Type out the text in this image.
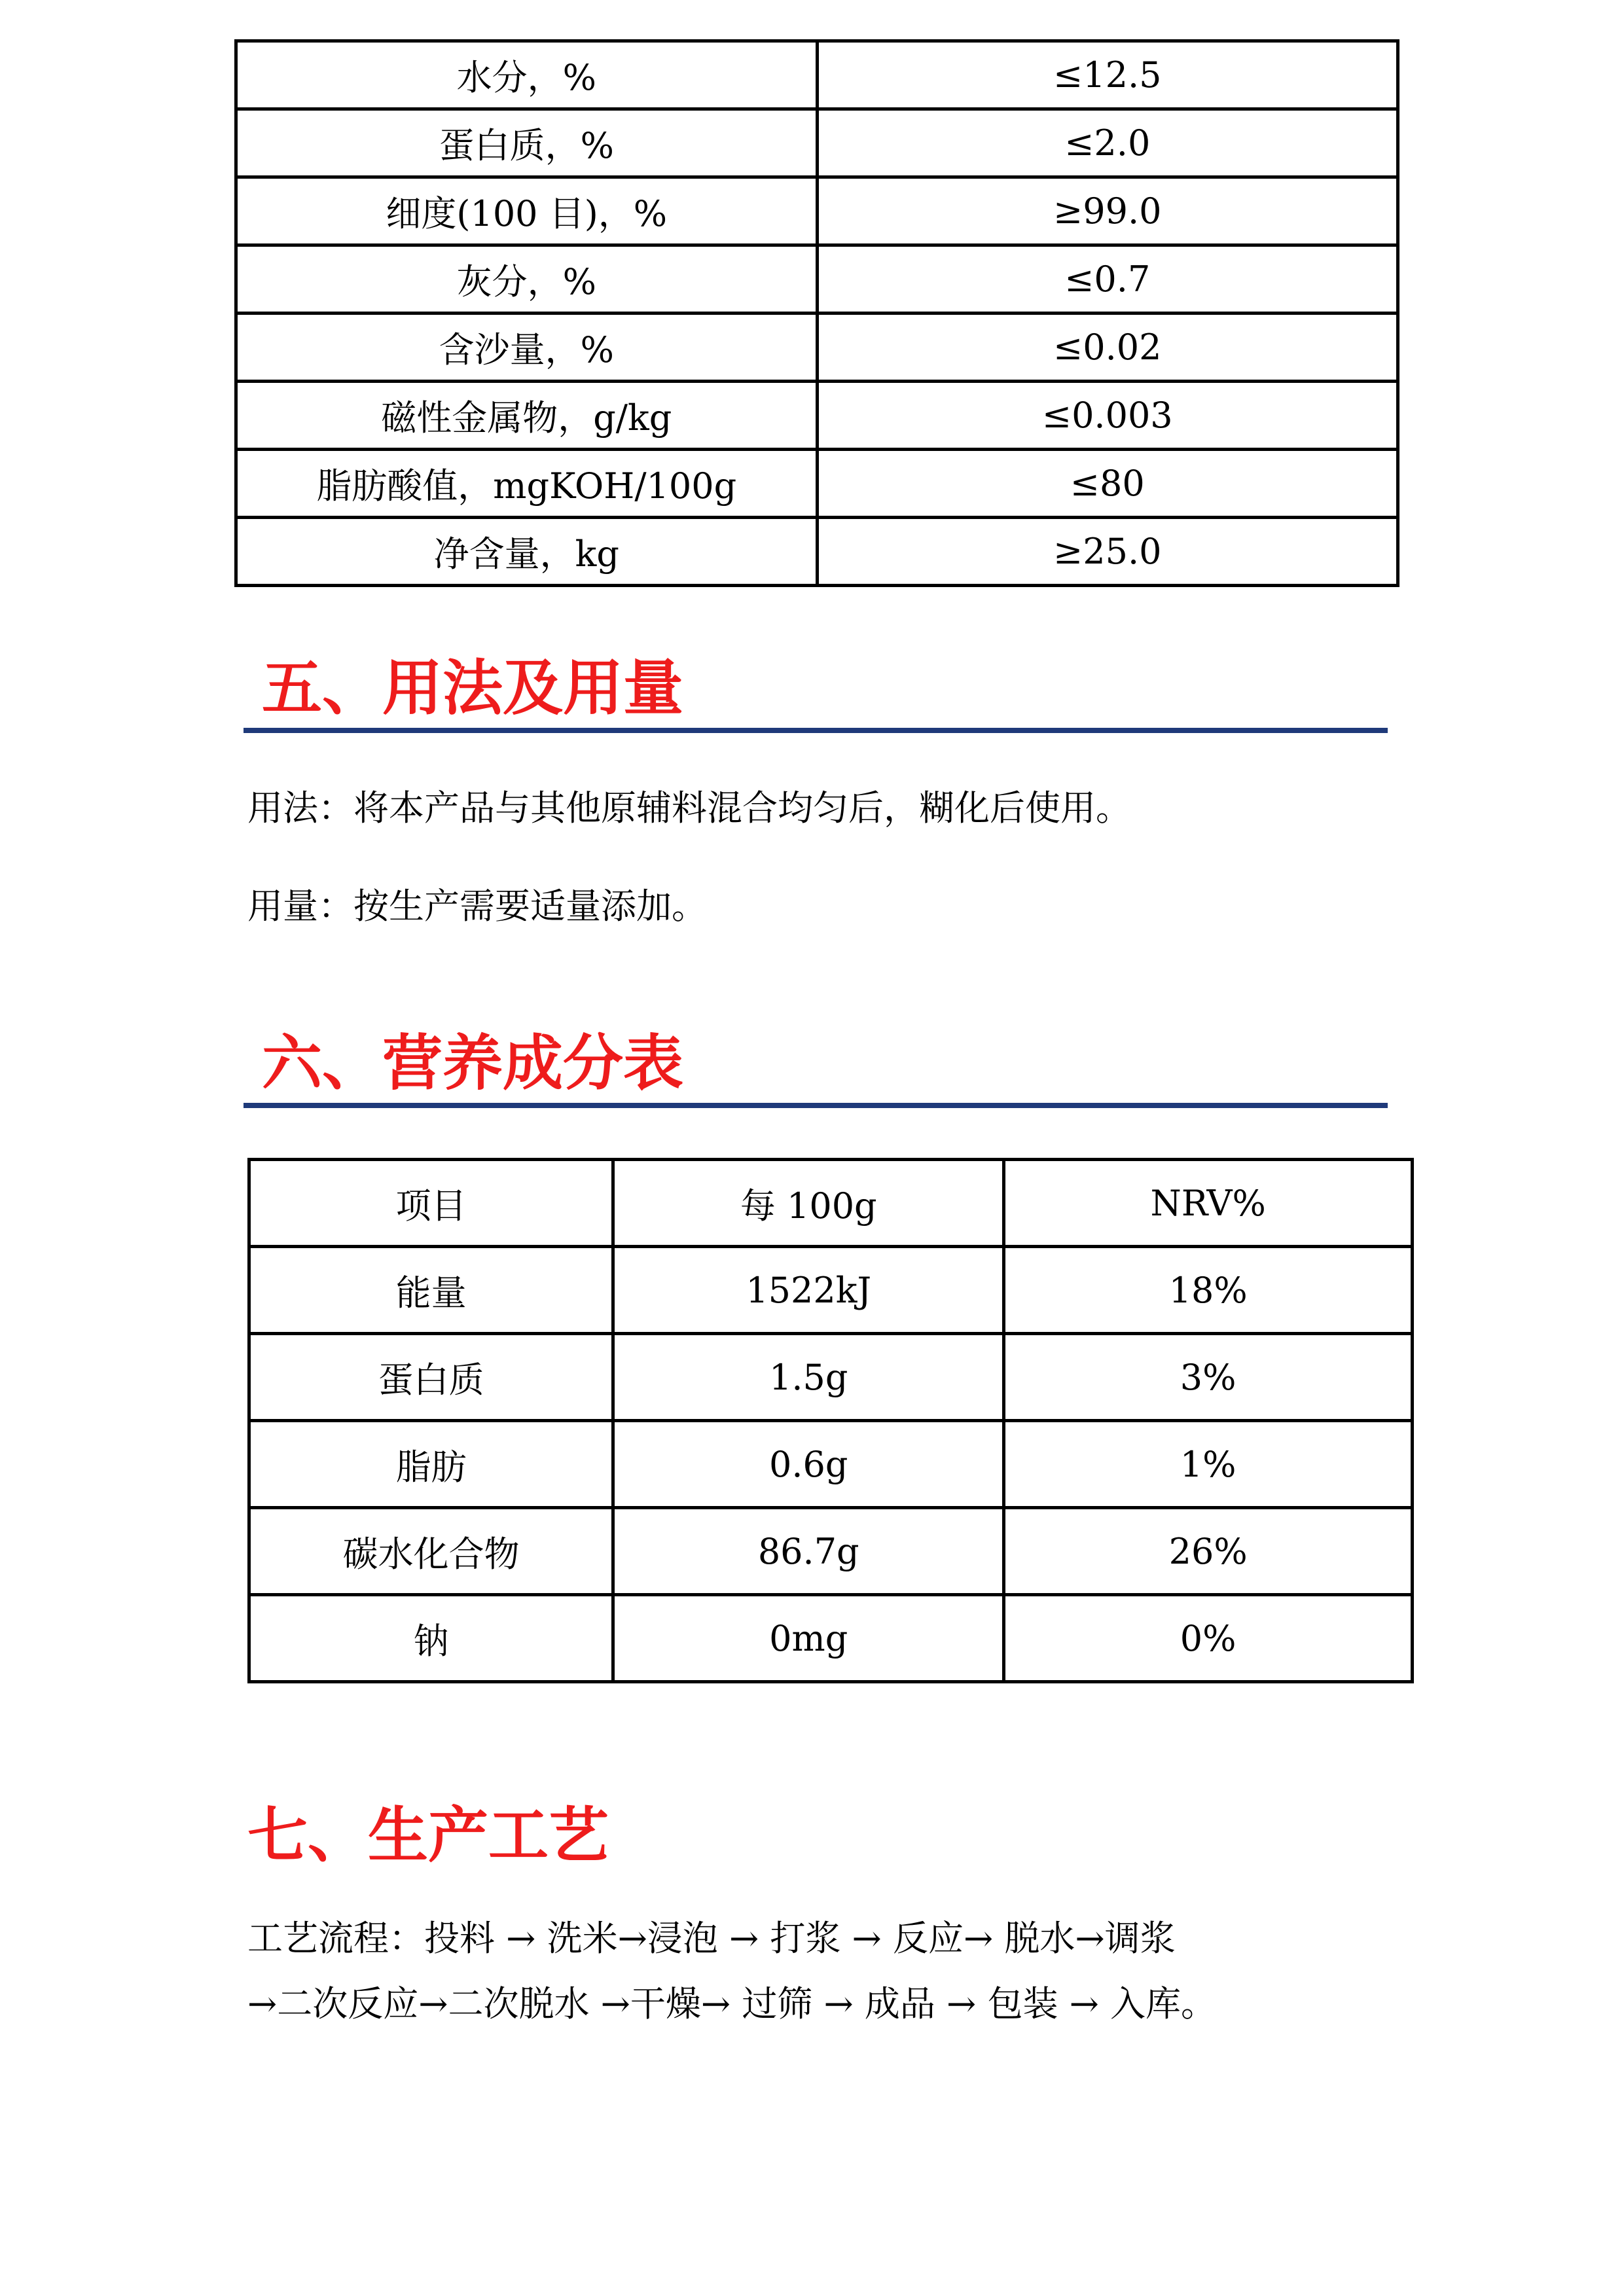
水分，%	≤12.5
蛋白质，%	≤2.0
细度(100 目)，%	≥99.0
灰分，%	≤0.7
含沙量，%	≤0.02
磁性金属物，g/kg	≤0.003
脂肪酸值，mgKOH/100g	≤80
净含量，kg	≥25.0
五、用法及用量

用法：将本产品与其他原辅料混合均匀后，糊化后使用。

用量：按生产需要适量添加。

六、营养成分表
项目	每 100g	NRV%
能量	1522kJ	18%
蛋白质	1.5g	3%
脂肪	0.6g	1%
碳水化合物	86.7g	26%
钠	0mg	0%
七、生产工艺

工艺流程：投料 → 洗米→浸泡 → 打浆 → 反应→ 脱水→调浆

→二次反应→二次脱水 →干燥→ 过筛 → 成品 → 包装 → 入库。
